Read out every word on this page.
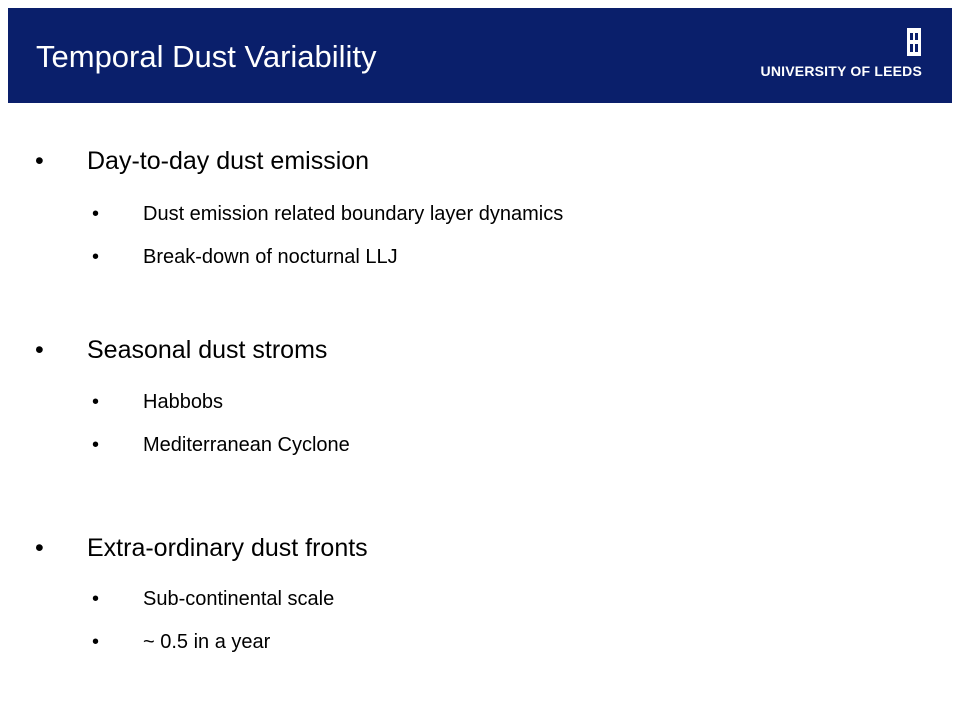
Temporal Dust Variability	UNIVERSITY OF LEEDS
• Day-to-day dust emission
• Dust emission related boundary layer dynamics
• Break-down of nocturnal LLJ
• Seasonal dust stroms
• Habbobs
• Mediterranean Cyclone
• Extra-ordinary dust fronts
• Sub-continental scale
• ~ 0.5 in a year
